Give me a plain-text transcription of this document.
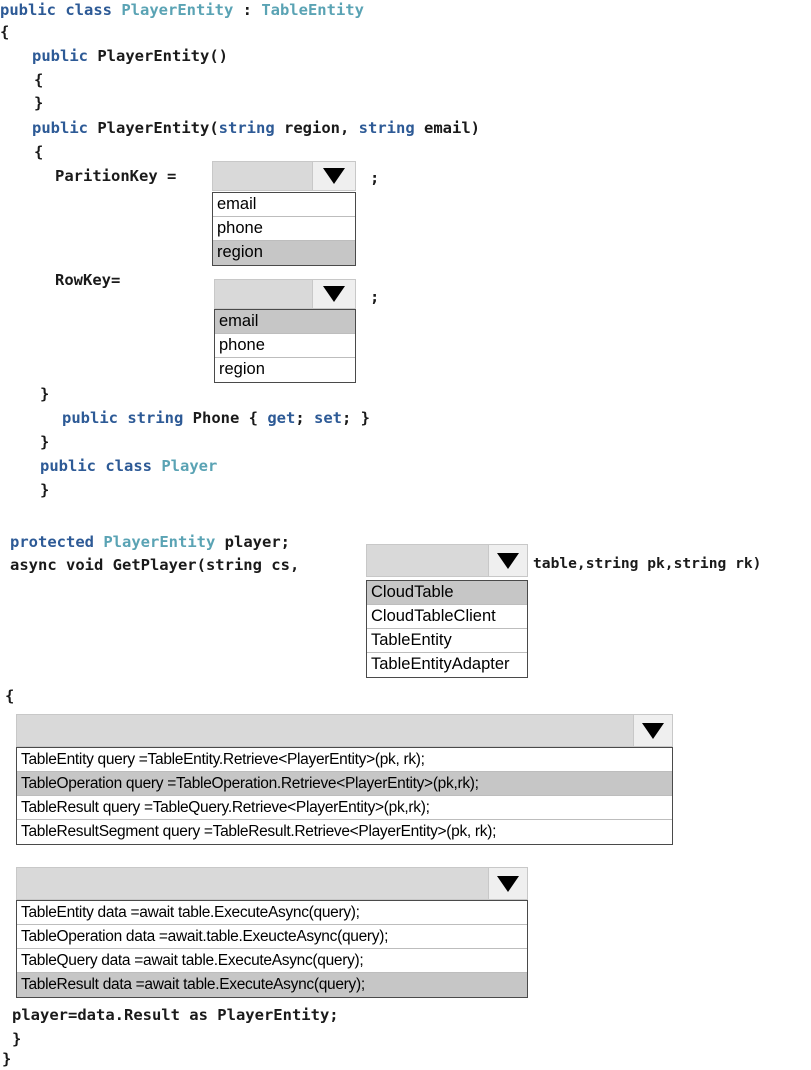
public class PlayerEntity : TableEntity
{
public PlayerEntity()
{
}
public PlayerEntity(string region, string email)
{
ParitionKey =	;
email
phone
region
RowKey=
;
email
phone
region
}
public string Phone { get; set; }
}
public class Player
}
protected PlayerEntity player;
async void GetPlayer(string cs,	table,string pk,string rk)
CloudTable
CloudTableClient
TableEntity
TableEntityAdapter
{
TableEntity query =TableEntity.Retrieve<PlayerEntity>(pk, rk);
TableOperation query =TableOperation.Retrieve<PlayerEntity>(pk,rk);
TableResult query =TableQuery.Retrieve<PlayerEntity>(pk,rk);
TableResultSegment query =TableResult.Retrieve<PlayerEntity>(pk, rk);
TableEntity data =await table.ExecuteAsync(query);
TableOperation data =await.table.ExeucteAsync(query);
TableQuery data =await table.ExecuteAsync(query);
TableResult data =await table.ExecuteAsync(query);
player=data.Result as PlayerEntity;
}
}
